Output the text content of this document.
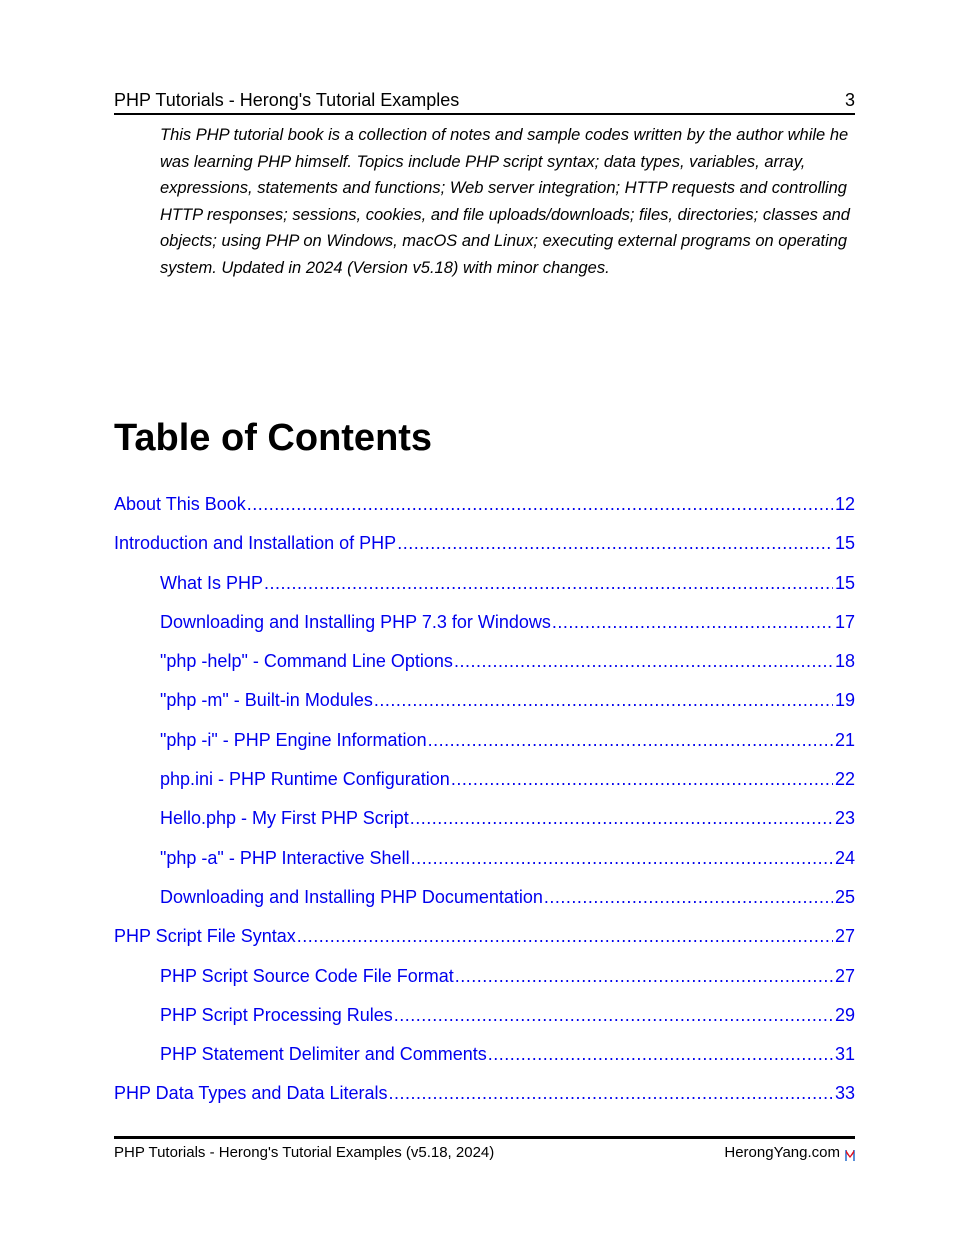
PHP Tutorials - Herong's Tutorial Examples	3

This PHP tutorial book is a collection of notes and sample codes written by the author while he was learning PHP himself. Topics include PHP script syntax; data types, variables, array, expressions, statements and functions; Web server integration; HTTP requests and controlling HTTP responses; sessions, cookies, and file uploads/downloads; files, directories; classes and objects; using PHP on Windows, macOS and Linux; executing external programs on operating system. Updated in 2024 (Version v5.18) with minor changes.

Table of Contents
About This Book .....	12
Introduction and Installation of PHP .....	15
What Is PHP .....	15
Downloading and Installing PHP 7.3 for Windows .....	17
"php -help" - Command Line Options .....	18
"php -m" - Built-in Modules .....	19
"php -i" - PHP Engine Information .....	21
php.ini - PHP Runtime Configuration .....	22
Hello.php - My First PHP Script .....	23
"php -a" - PHP Interactive Shell .....	24
Downloading and Installing PHP Documentation .....	25
PHP Script File Syntax .....	27
PHP Script Source Code File Format .....	27
PHP Script Processing Rules .....	29
PHP Statement Delimiter and Comments .....	31
PHP Data Types and Data Literals .....	33
PHP Tutorials - Herong's Tutorial Examples (v5.18, 2024)	HerongYang.com
